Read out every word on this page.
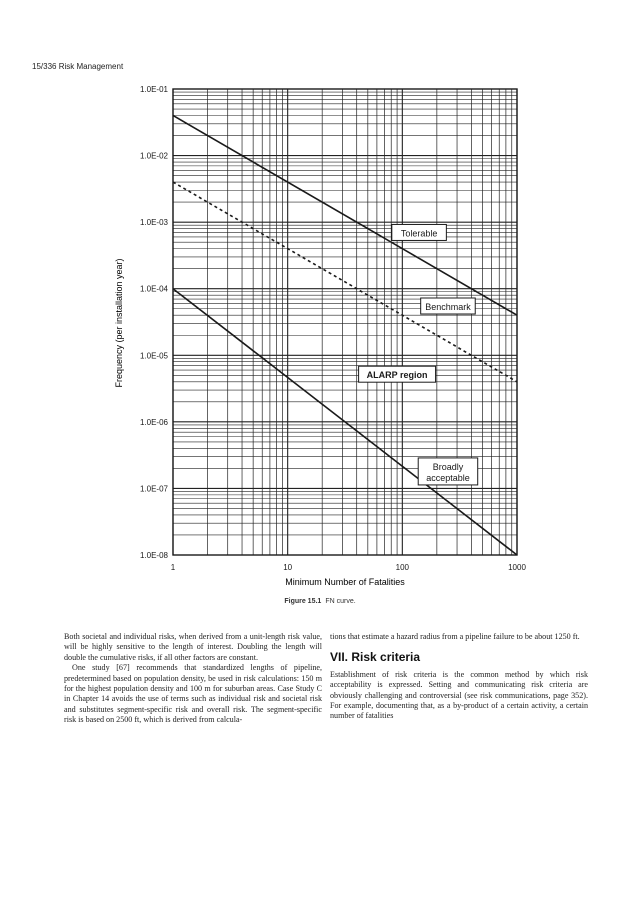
15/336 Risk Management
Tolerable
Benchmark
ALARP region
Broadly
acceptable
1	10	100	1000
1.0E-08
1.0E-07
1.0E-06
1.0E-05
1.0E-04
1.0E-03
1.0E-02
1.0E-01
Minimum Number of Fatalities
Frequency (per installation year)
Figure 15.1 FN curve.

Both societal and individual risks, when derived from a unit-length risk value, will be highly sensitive to the length of interest. Doubling the length will double the cumulative risks, if all other factors are constant.

One study [67] recommends that standardized lengths of pipeline, predetermined based on population density, be used in risk calculations: 150 m for the highest population density and 100 m for suburban areas. Case Study C in Chapter 14 avoids the use of terms such as individual risk and societal risk and substitutes segment-specific risk and overall risk. The segment-specific risk is based on 2500 ft, which is derived from calcula-

tions that estimate a hazard radius from a pipeline failure to be about 1250 ft.

VII. Risk criteria

Establishment of risk criteria is the common method by which risk acceptability is expressed. Setting and communicating risk criteria are obviously challenging and controversial (see risk communications, page 352). For example, documenting that, as a by-product of a certain activity, a certain number of fatalities
